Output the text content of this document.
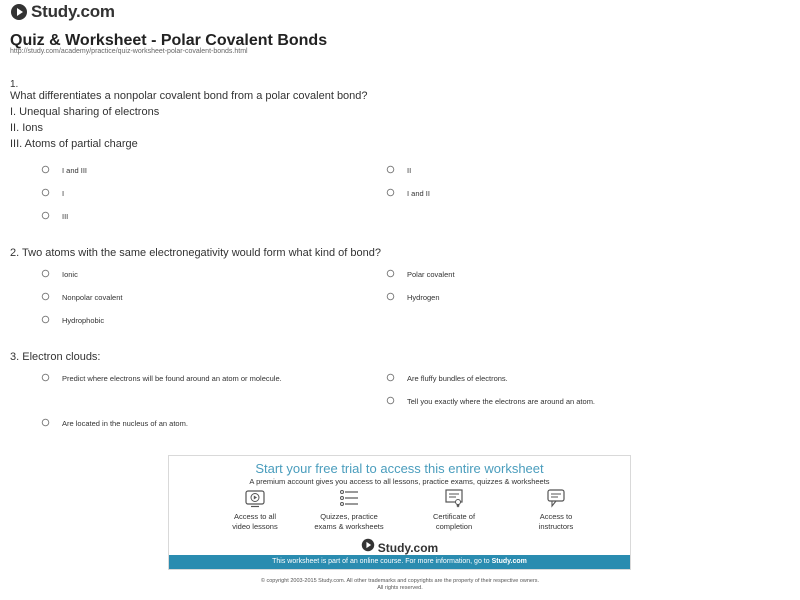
Study.com
Quiz & Worksheet - Polar Covalent Bonds
http://study.com/academy/practice/quiz-worksheet-polar-covalent-bonds.html
1.
What differentiates a nonpolar covalent bond from a polar covalent bond?
I. Unequal sharing of electrons
II. Ions
III. Atoms of partial charge
I and III	II
I	I and II
III
2. Two atoms with the same electronegativity would form what kind of bond?
Ionic	Polar covalent
Nonpolar covalent	Hydrogen
Hydrophobic
3. Electron clouds:
Predict where electrons will be found around an atom or molecule.	Are fluffy bundles of electrons.
Tell you exactly where the electrons are around an atom.
Are located in the nucleus of an atom.
Start your free trial to access this entire worksheet
A premium account gives you access to all lessons, practice exams, quizzes & worksheets
Access to all
video lessons
Quizzes, practice
exams & worksheets
Certificate of
completion
Access to
instructors
Study.com
This worksheet is part of an online course. For more information, go to Study.com
© copyright 2003-2015 Study.com. All other trademarks and copyrights are the property of their respective owners.
All rights reserved.
